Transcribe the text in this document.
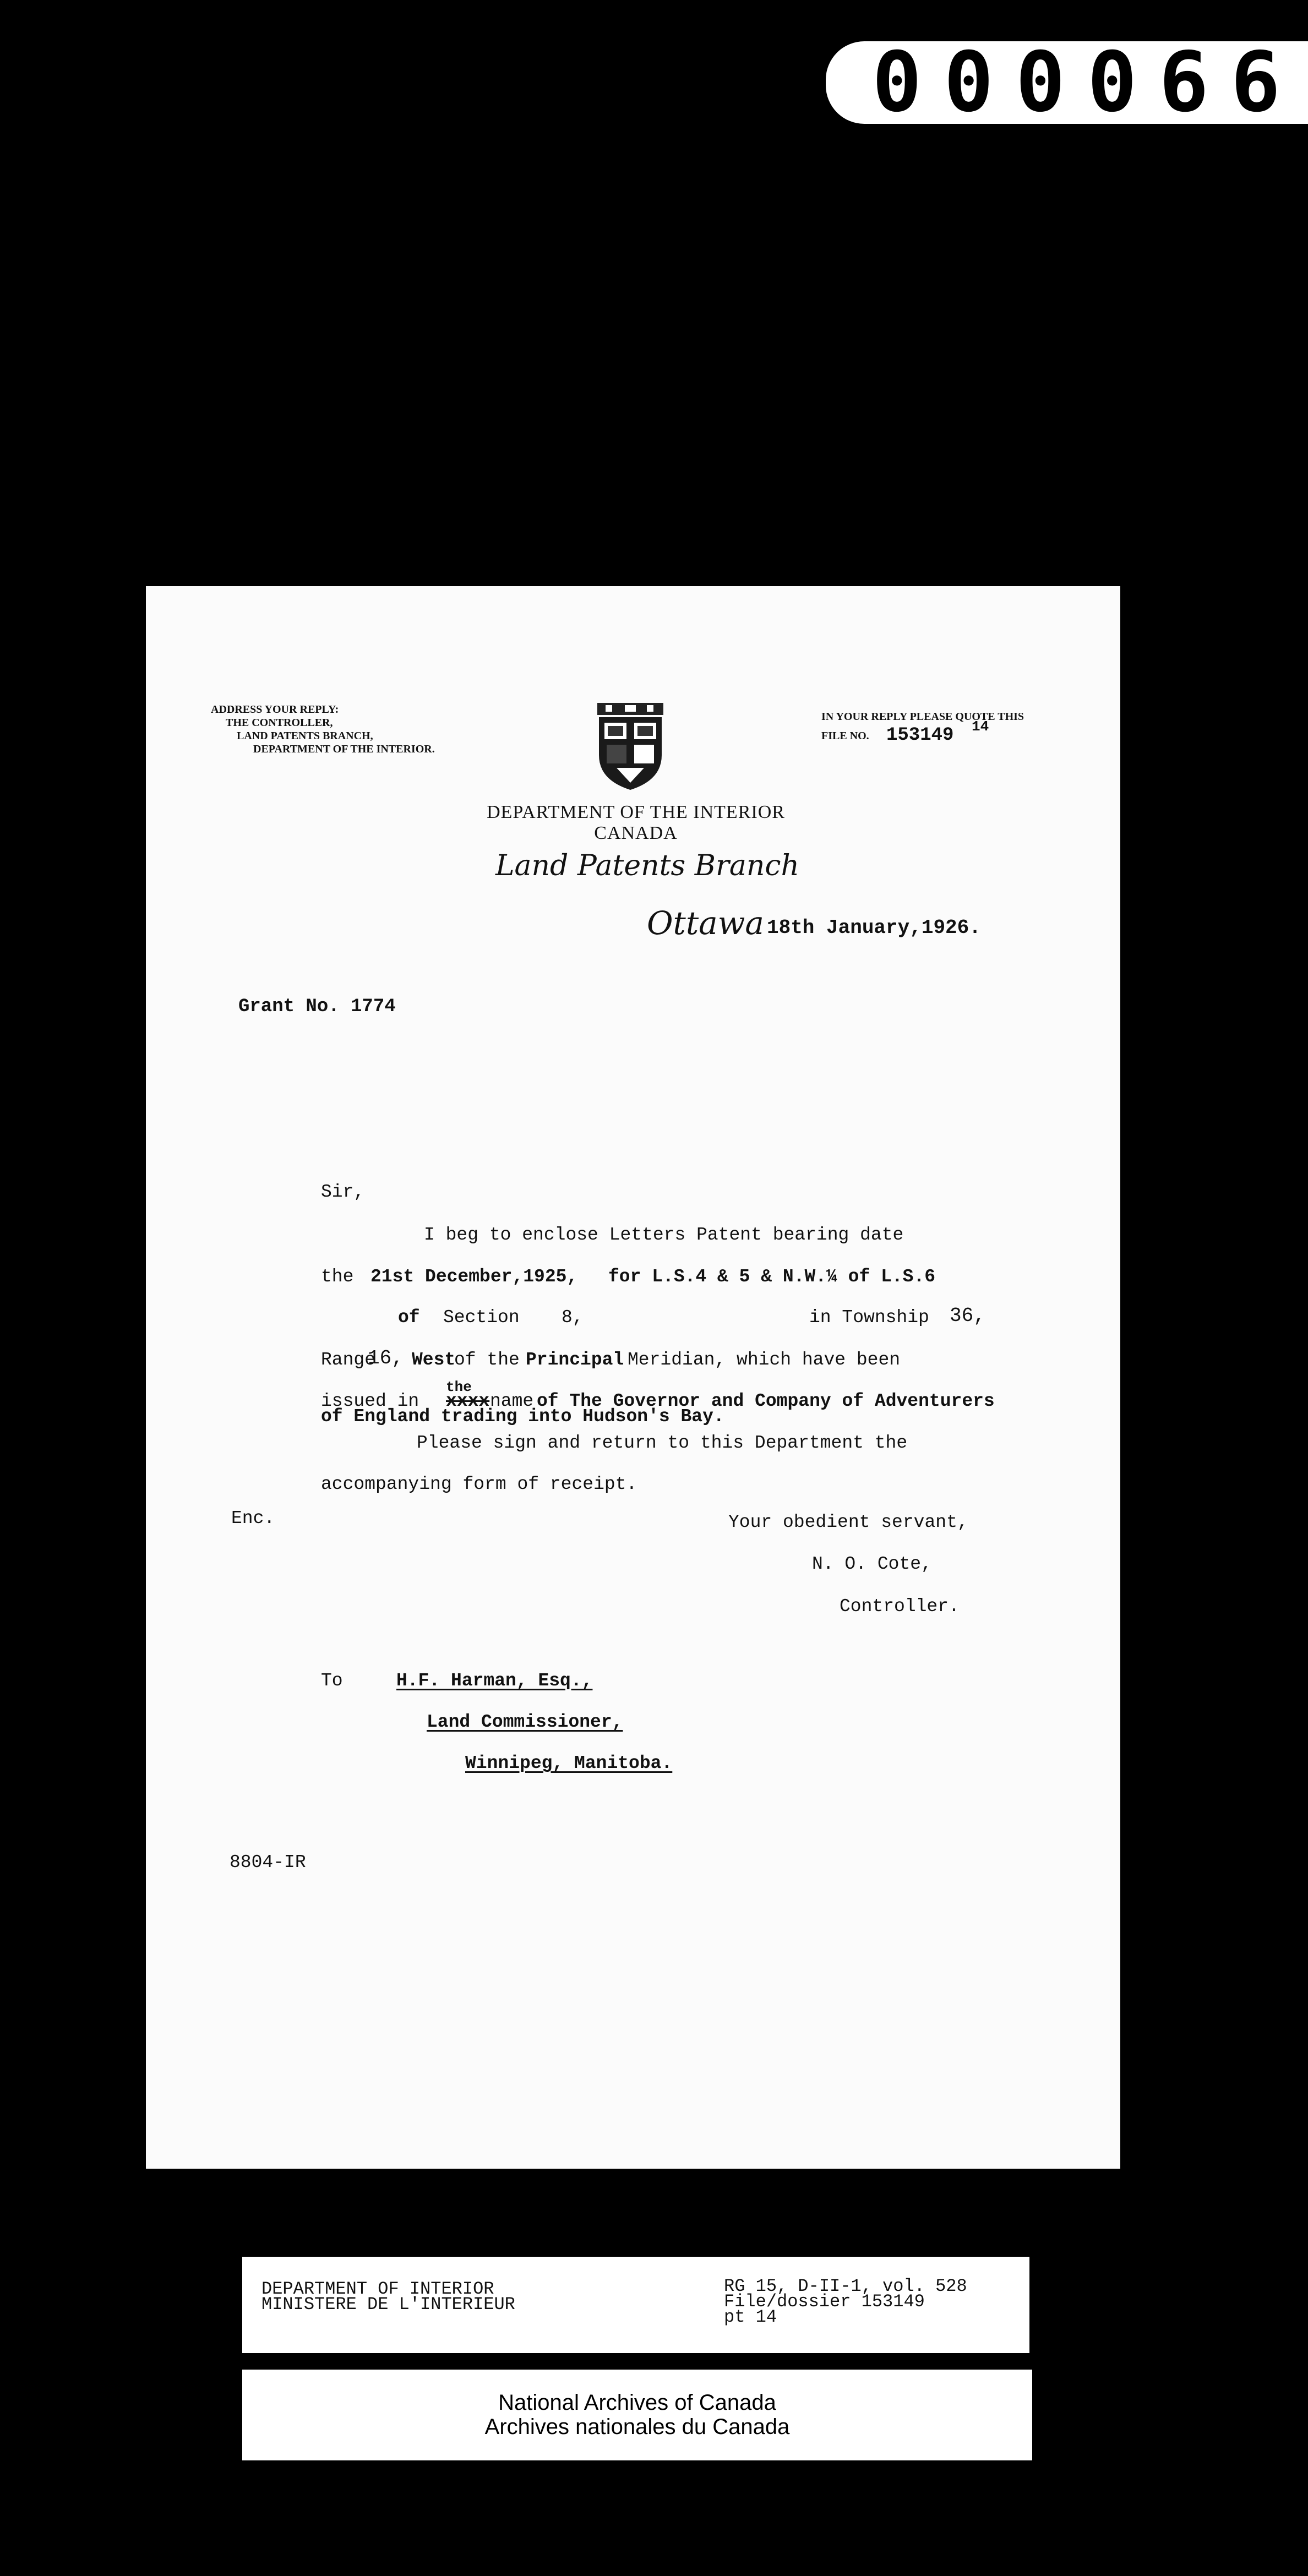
000066
ADDRESS YOUR REPLY:
THE CONTROLLER,
LAND PATENTS BRANCH,
DEPARTMENT OF THE INTERIOR.
IN YOUR REPLY PLEASE QUOTE THIS
FILE NO. 153149 14
DEPARTMENT OF THE INTERIOR
CANADA
Land Patents Branch
Ottawa 18th January,1926.
Grant No. 1774
Sir,
I beg to enclose Letters Patent bearing date
the 21st December,1925, for L.S.4 & 5 & N.W.¼ of L.S.6
of Section 8,	in Township 36,
Range
16, West
of the Principal Meridian, which have been
the
issued in xxxx name of The Governor and Company of Adventurers
of England trading into Hudson's Bay.
Please sign and return to this Department the
accompanying form of receipt.
Enc.	Your obedient servant,
N. O. Cote,
Controller.
To	H.F. Harman, Esq.,
Land Commissioner,
Winnipeg, Manitoba.
8804-IR
DEPARTMENT OF INTERIOR
MINISTERE DE L'INTERIEUR
RG 15, D-II-1, vol. 528
File/dossier 153149
pt 14
National Archives of Canada
Archives nationales du Canada
